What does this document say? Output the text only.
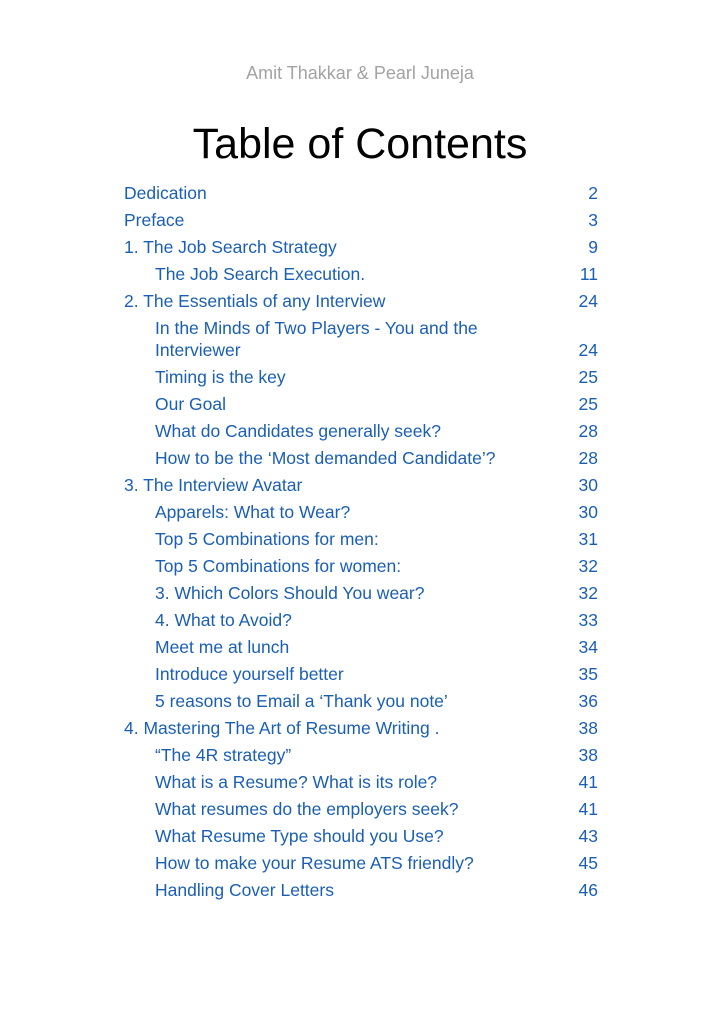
Amit Thakkar & Pearl Juneja
Table of Contents
Dedication	2
Preface	3
1. The Job Search Strategy	9
The Job Search Execution.	11
2. The Essentials of any Interview	24
In the Minds of Two Players - You and the Interviewer	24
Timing is the key	25
Our Goal	25
What do Candidates generally seek?	28
How to be the ‘Most demanded Candidate’?	28
3. The Interview Avatar	30
Apparels: What to Wear?	30
Top 5 Combinations for men:	31
Top 5 Combinations for women:	32
3. Which Colors Should You wear?	32
4. What to Avoid?	33
Meet me at lunch	34
Introduce yourself better	35
5 reasons to Email a ‘Thank you note’	36
4. Mastering The Art of Resume Writing .	38
“The 4R strategy”	38
What is a Resume? What is its role?	41
What resumes do the employers seek?	41
What Resume Type should you Use?	43
How to make your Resume ATS friendly?	45
Handling Cover Letters	46
